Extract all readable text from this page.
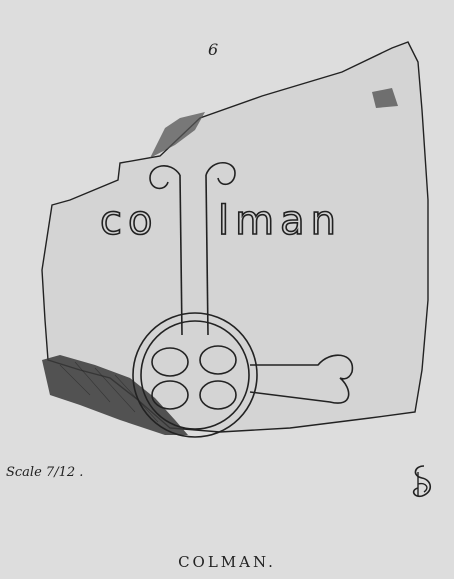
6
co lman
Scale 7/12 .
COLMAN.
